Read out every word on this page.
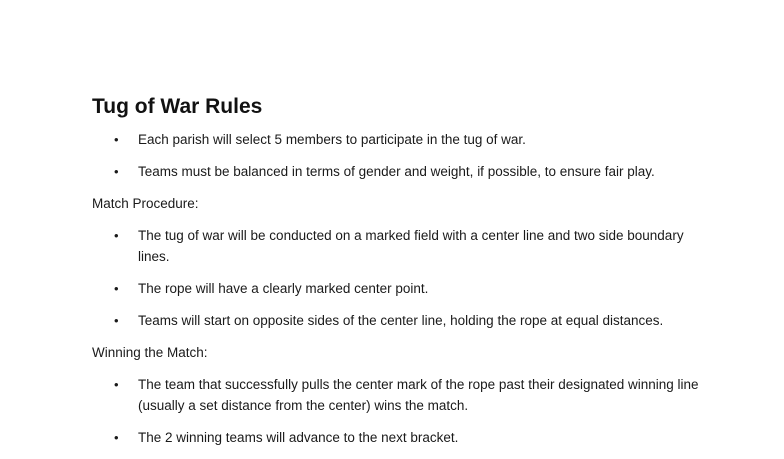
Tug of War Rules
• Each parish will select 5 members to participate in the tug of war.
• Teams must be balanced in terms of gender and weight, if possible, to ensure fair play.

Match Procedure:

• The tug of war will be conducted on a marked field with a center line and two side boundary lines.
• The rope will have a clearly marked center point.
• Teams will start on opposite sides of the center line, holding the rope at equal distances.

Winning the Match:

• The team that successfully pulls the center mark of the rope past their designated winning line (usually a set distance from the center) wins the match.
• The 2 winning teams will advance to the next bracket.
